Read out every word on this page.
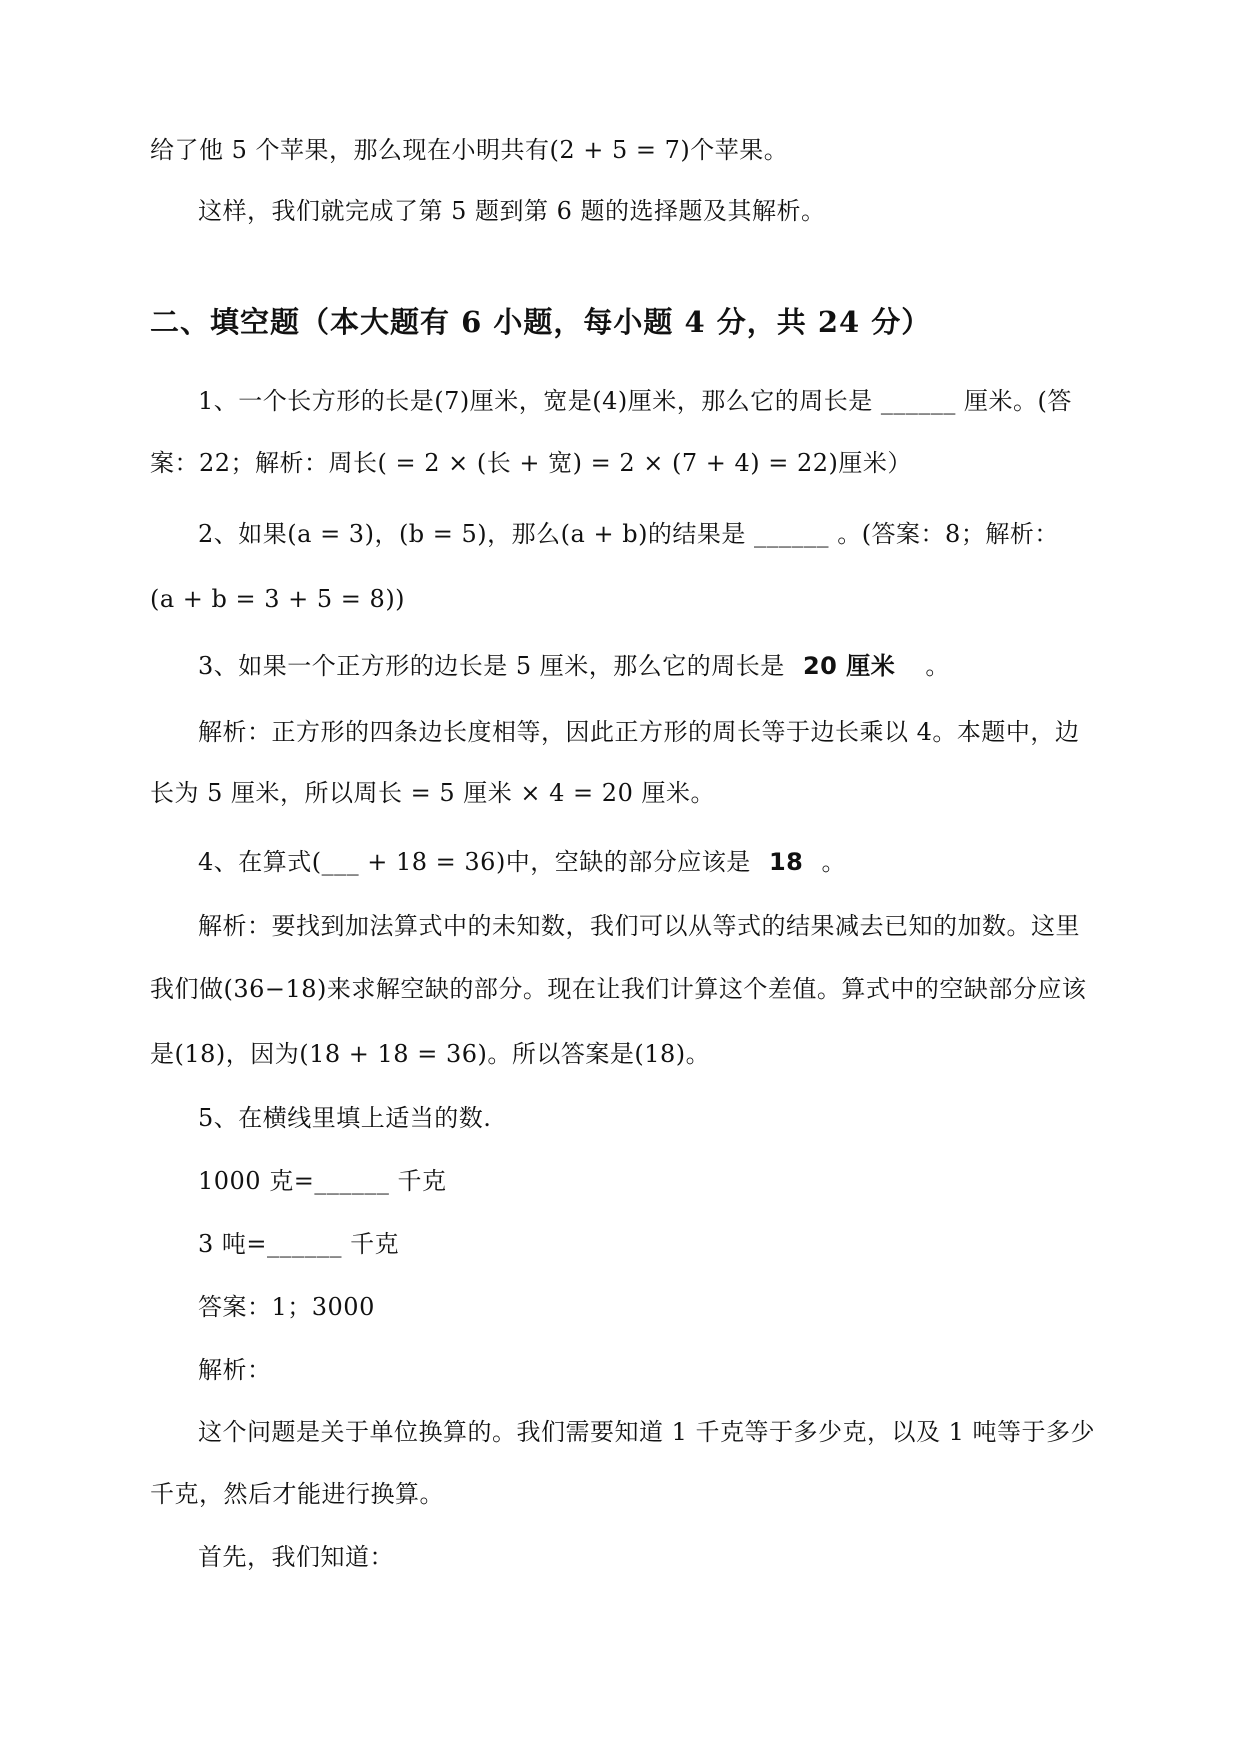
给了他 5 个苹果，那么现在小明共有(2 + 5 = 7)个苹果。
这样，我们就完成了第 5 题到第 6 题的选择题及其解析。
二、填空题（本大题有 6 小题，每小题 4 分，共 24 分）
1、一个长方形的长是(7)厘米，宽是(4)厘米，那么它的周长是 ______ 厘米。(答
案：22；解析：周长( = 2 × (长 + 宽) = 2 × (7 + 4) = 22)厘米）
2、如果(a = 3)，(b = 5)，那么(a + b)的结果是 ______ 。(答案：8；解析：
(a + b = 3 + 5 = 8))
3、如果一个正方形的边长是 5 厘米，那么它的周长是 20 厘米 。
解析：正方形的四条边长度相等，因此正方形的周长等于边长乘以 4。本题中，边
长为 5 厘米，所以周长 = 5 厘米 × 4 = 20 厘米。
4、在算式(___ + 18 = 36)中，空缺的部分应该是 18 。
解析：要找到加法算式中的未知数，我们可以从等式的结果减去已知的加数。这里
我们做(36−18)来求解空缺的部分。现在让我们计算这个差值。算式中的空缺部分应该
是(18)，因为(18 + 18 = 36)。所以答案是(18)。
5、在横线里填上适当的数.
1000 克=______ 千克
3 吨=______ 千克
答案：1；3000
解析：
这个问题是关于单位换算的。我们需要知道 1 千克等于多少克，以及 1 吨等于多少
千克，然后才能进行换算。
首先，我们知道：
